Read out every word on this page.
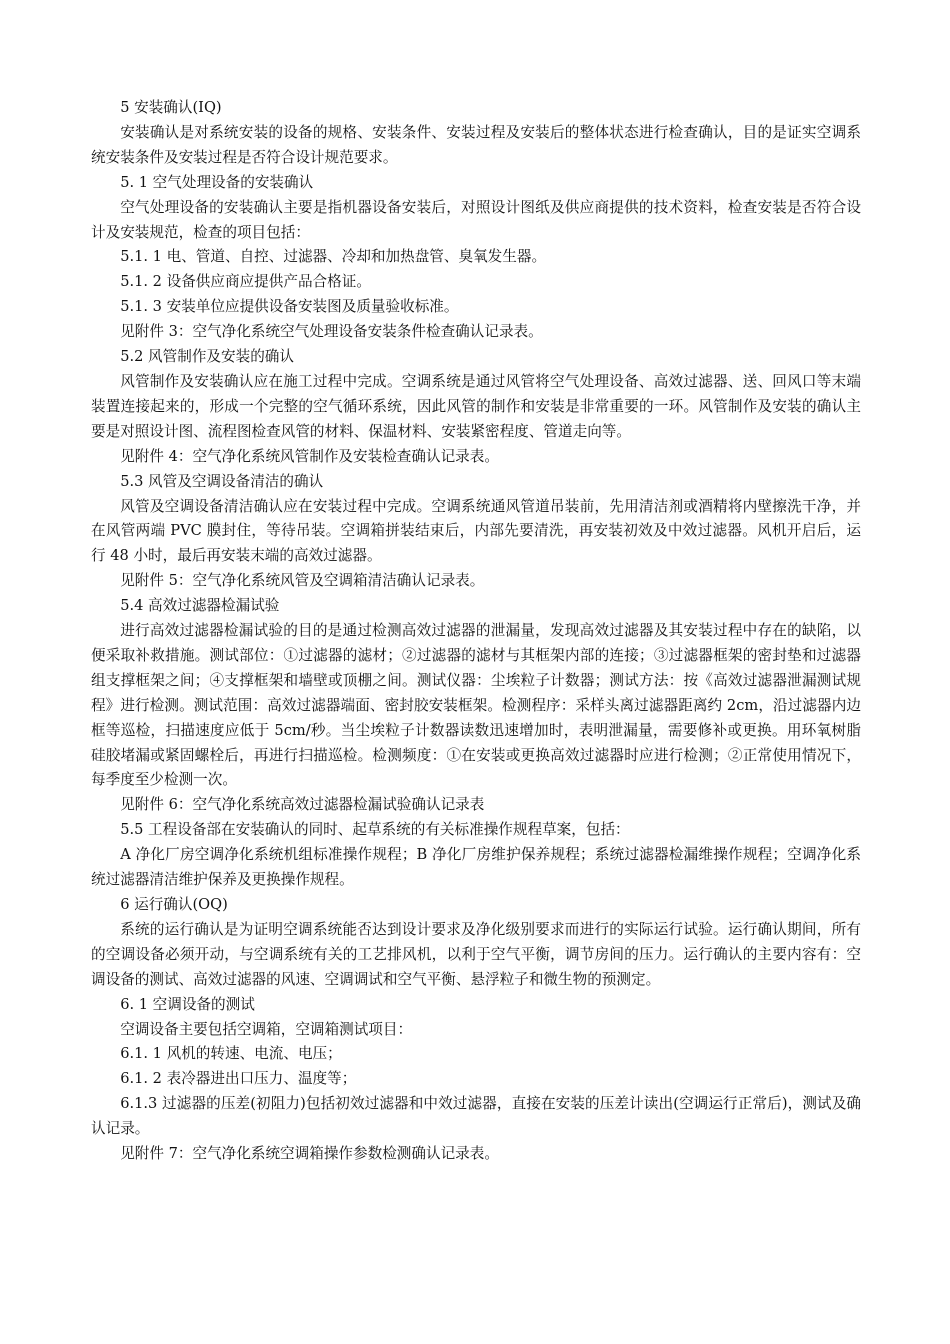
5 安装确认(IQ)

安装确认是对系统安装的设备的规格、安装条件、安装过程及安装后的整体状态进行检查确认，目的是证实空调系统安装条件及安装过程是否符合设计规范要求。

5. 1 空气处理设备的安装确认

空气处理设备的安装确认主要是指机器设备安装后，对照设计图纸及供应商提供的技术资料，检查安装是否符合设计及安装规范，检查的项目包括：

5.1. 1 电、管道、自控、过滤器、冷却和加热盘管、臭氧发生器。

5.1. 2 设备供应商应提供产品合格证。

5.1. 3 安装单位应提供设备安装图及质量验收标准。

见附件 3：空气净化系统空气处理设备安装条件检查确认记录表。

5.2 风管制作及安装的确认

风管制作及安装确认应在施工过程中完成。空调系统是通过风管将空气处理设备、高效过滤器、送、回风口等末端装置连接起来的，形成一个完整的空气循环系统，因此风管的制作和安装是非常重要的一环。风管制作及安装的确认主要是对照设计图、流程图检查风管的材料、保温材料、安装紧密程度、管道走向等。

见附件 4：空气净化系统风管制作及安装检查确认记录表。

5.3 风管及空调设备清洁的确认

风管及空调设备清洁确认应在安装过程中完成。空调系统通风管道吊装前，先用清洁剂或酒精将内壁擦洗干净，并在风管两端 PVC 膜封住，等待吊装。空调箱拼装结束后，内部先要清洗，再安装初效及中效过滤器。风机开启后，运行 48 小时，最后再安装末端的高效过滤器。

见附件 5：空气净化系统风管及空调箱清洁确认记录表。

5.4 高效过滤器检漏试验

进行高效过滤器检漏试验的目的是通过检测高效过滤器的泄漏量，发现高效过滤器及其安装过程中存在的缺陷，以便采取补救措施。测试部位：①过滤器的滤材；②过滤器的滤材与其框架内部的连接；③过滤器框架的密封垫和过滤器组支撑框架之间；④支撑框架和墙壁或顶棚之间。测试仪器：尘埃粒子计数器；测试方法：按《高效过滤器泄漏测试规程》进行检测。测试范围：高效过滤器端面、密封胶安装框架。检测程序：采样头离过滤器距离约 2cm，沿过滤器内边框等巡检，扫描速度应低于 5cm/秒。当尘埃粒子计数器读数迅速增加时，表明泄漏量，需要修补或更换。用环氧树脂硅胶堵漏或紧固螺栓后，再进行扫描巡检。检测频度：①在安装或更换高效过滤器时应进行检测；②正常使用情况下，每季度至少检测一次。

见附件 6：空气净化系统高效过滤器检漏试验确认记录表

5.5 工程设备部在安装确认的同时、起草系统的有关标准操作规程草案，包括：

A 净化厂房空调净化系统机组标准操作规程；B 净化厂房维护保养规程；系统过滤器检漏维操作规程；空调净化系统过滤器清洁维护保养及更换操作规程。

6 运行确认(OQ)

系统的运行确认是为证明空调系统能否达到设计要求及净化级别要求而进行的实际运行试验。运行确认期间，所有的空调设备必须开动，与空调系统有关的工艺排风机，以利于空气平衡，调节房间的压力。运行确认的主要内容有：空调设备的测试、高效过滤器的风速、空调调试和空气平衡、悬浮粒子和微生物的预测定。

6. 1 空调设备的测试

空调设备主要包括空调箱，空调箱测试项目：

6.1. 1 风机的转速、电流、电压；

6.1. 2 表冷器进出口压力、温度等；

6.1.3 过滤器的压差(初阻力)包括初效过滤器和中效过滤器，直接在安装的压差计读出(空调运行正常后)，测试及确认记录。

见附件 7：空气净化系统空调箱操作参数检测确认记录表。
